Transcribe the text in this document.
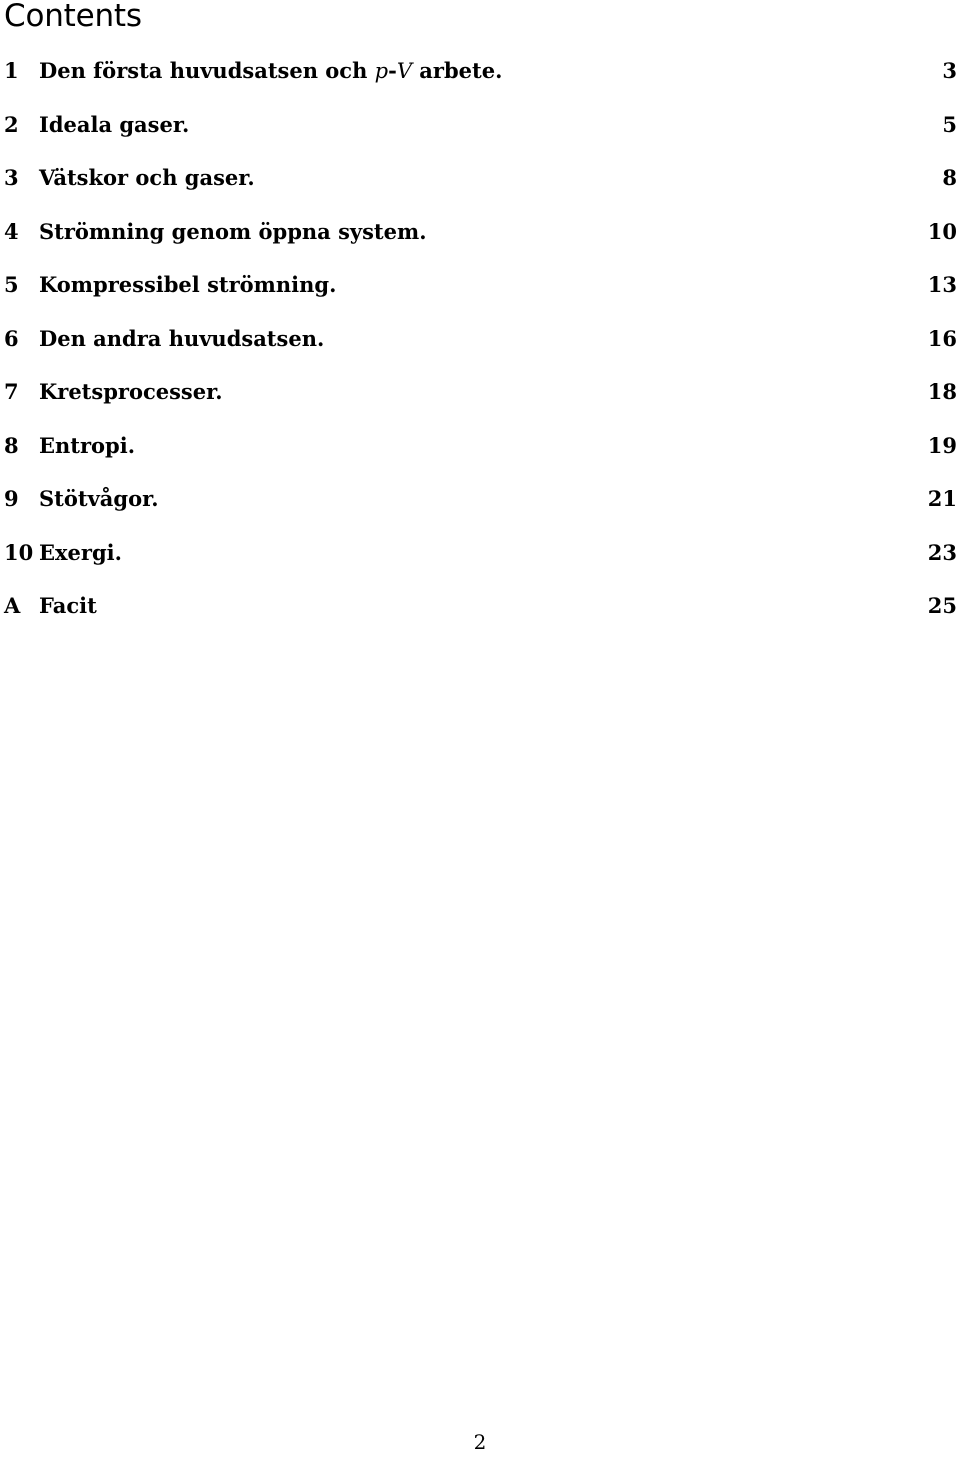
Contents
1 Den första huvudsatsen och p-V arbete.	3
2 Ideala gaser.	5
3 Vätskor och gaser.	8
4 Strömning genom öppna system.	10
5 Kompressibel strömning.	13
6 Den andra huvudsatsen.	16
7 Kretsprocesser.	18
8 Entropi.	19
9 Stötvågor.	21
10 Exergi.	23
A Facit	25
2
